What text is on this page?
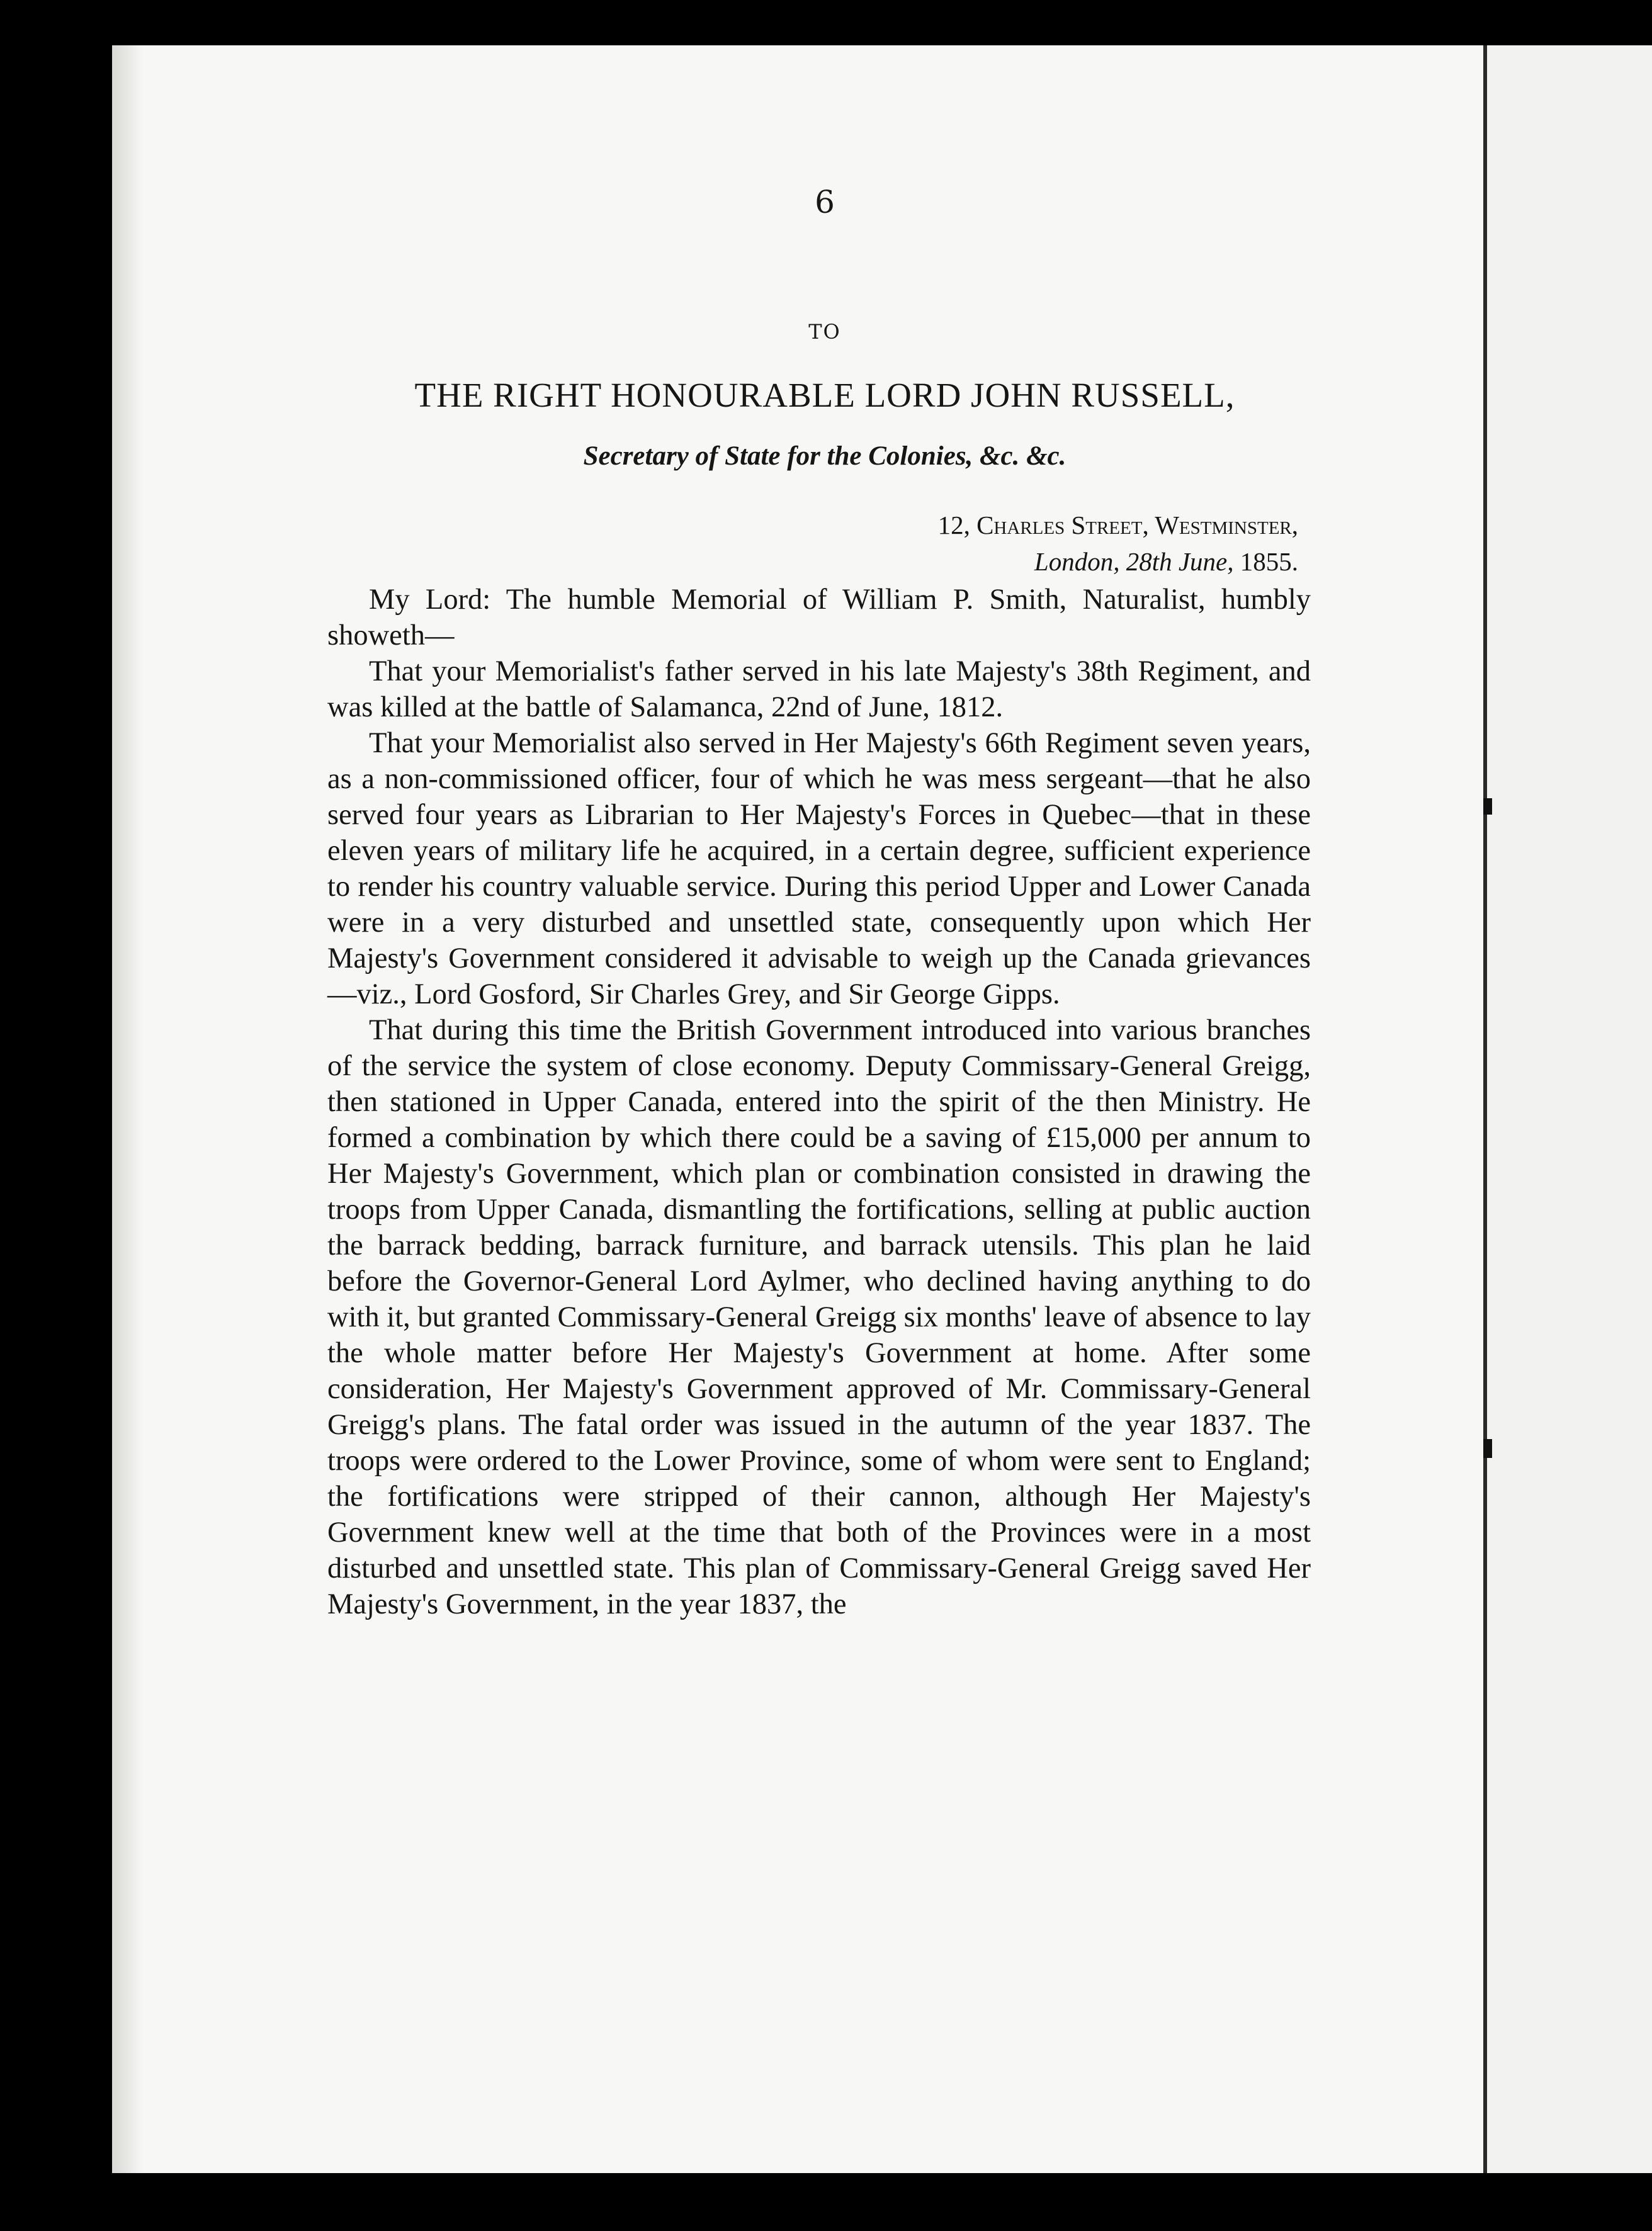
6
TO
THE RIGHT HONOURABLE LORD JOHN RUSSELL,
Secretary of State for the Colonies, &c. &c.
12, Charles Street, Westminster,
London, 28th June, 1855.

My Lord: The humble Memorial of William P. Smith, Naturalist, humbly showeth—

That your Memorialist's father served in his late Majesty's 38th Regiment, and was killed at the battle of Salamanca, 22nd of June, 1812.

That your Memorialist also served in Her Majesty's 66th Regiment seven years, as a non-commissioned officer, four of which he was mess sergeant—that he also served four years as Librarian to Her Majesty's Forces in Quebec—that in these eleven years of military life he acquired, in a certain degree, sufficient experience to render his country valuable service. During this period Upper and Lower Canada were in a very disturbed and unsettled state, consequently upon which Her Majesty's Government considered it advisable to weigh up the Canada grievances—viz., Lord Gosford, Sir Charles Grey, and Sir George Gipps.

That during this time the British Government introduced into various branches of the service the system of close economy. Deputy Commissary-General Greigg, then stationed in Upper Canada, entered into the spirit of the then Ministry. He formed a combination by which there could be a saving of £15,000 per annum to Her Majesty's Government, which plan or combination consisted in drawing the troops from Upper Canada, dismantling the fortifications, selling at public auction the barrack bedding, barrack furniture, and barrack utensils. This plan he laid before the Governor-General Lord Aylmer, who declined having anything to do with it, but granted Commissary-General Greigg six months' leave of absence to lay the whole matter before Her Majesty's Government at home. After some consideration, Her Majesty's Government approved of Mr. Commissary-General Greigg's plans. The fatal order was issued in the autumn of the year 1837. The troops were ordered to the Lower Province, some of whom were sent to England; the fortifications were stripped of their cannon, although Her Majesty's Government knew well at the time that both of the Provinces were in a most disturbed and unsettled state. This plan of Commissary-General Greigg saved Her Majesty's Government, in the year 1837, the
